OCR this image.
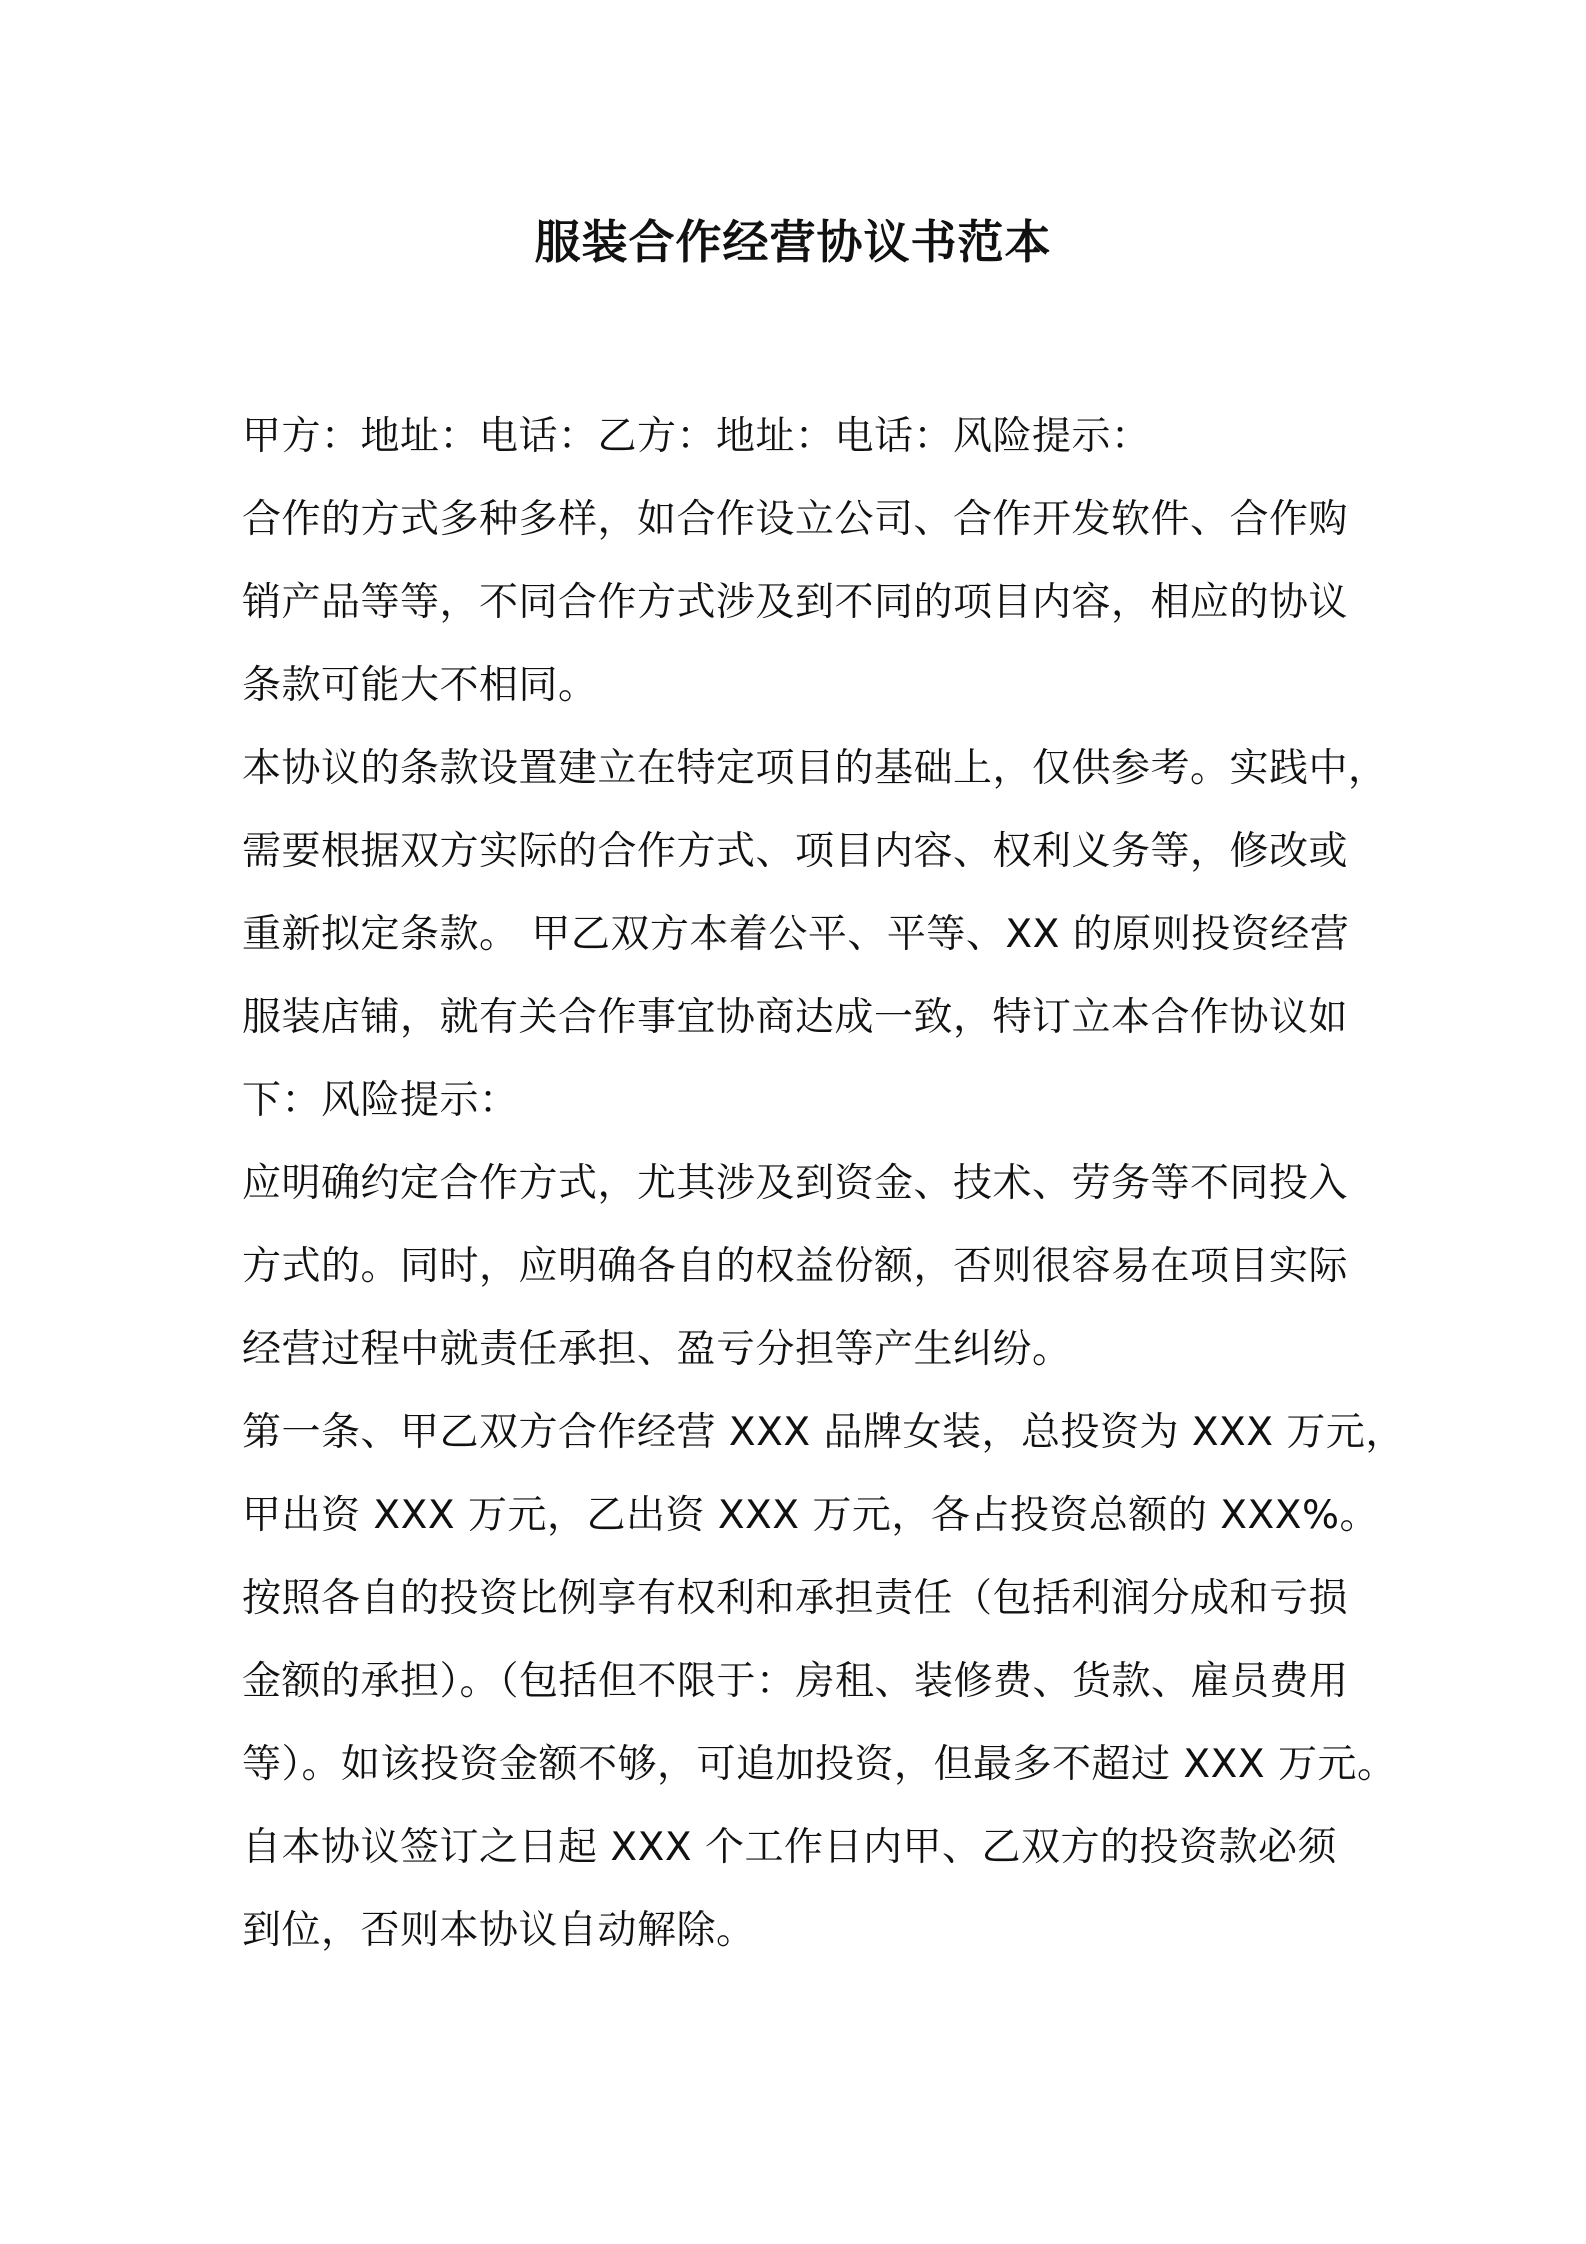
服装合作经营协议书范本
甲方：地址：电话：乙方：地址：电话：风险提示：
合作的方式多种多样，如合作设立公司、合作开发软件、合作购
销产品等等，不同合作方式涉及到不同的项目内容，相应的协议
条款可能大不相同。
本协议的条款设置建立在特定项目的基础上，仅供参考。实践中，
需要根据双方实际的合作方式、项目内容、权利义务等，修改或
重新拟定条款。 甲乙双方本着公平、平等、XX 的原则投资经营
服装店铺，就有关合作事宜协商达成一致，特订立本合作协议如
下：风险提示：
应明确约定合作方式，尤其涉及到资金、技术、劳务等不同投入
方式的。同时，应明确各自的权益份额，否则很容易在项目实际
经营过程中就责任承担、盈亏分担等产生纠纷。
第一条、甲乙双方合作经营 XXX 品牌女装，总投资为 XXX 万元，
甲出资 XXX 万元，乙出资 XXX 万元，各占投资总额的 XXX%。
按照各自的投资比例享有权利和承担责任（包括利润分成和亏损
金额的承担）。（包括但不限于：房租、装修费、货款、雇员费用
等）。如该投资金额不够，可追加投资，但最多不超过 XXX 万元。
自本协议签订之日起 XXX 个工作日内甲、乙双方的投资款必须
到位，否则本协议自动解除。
